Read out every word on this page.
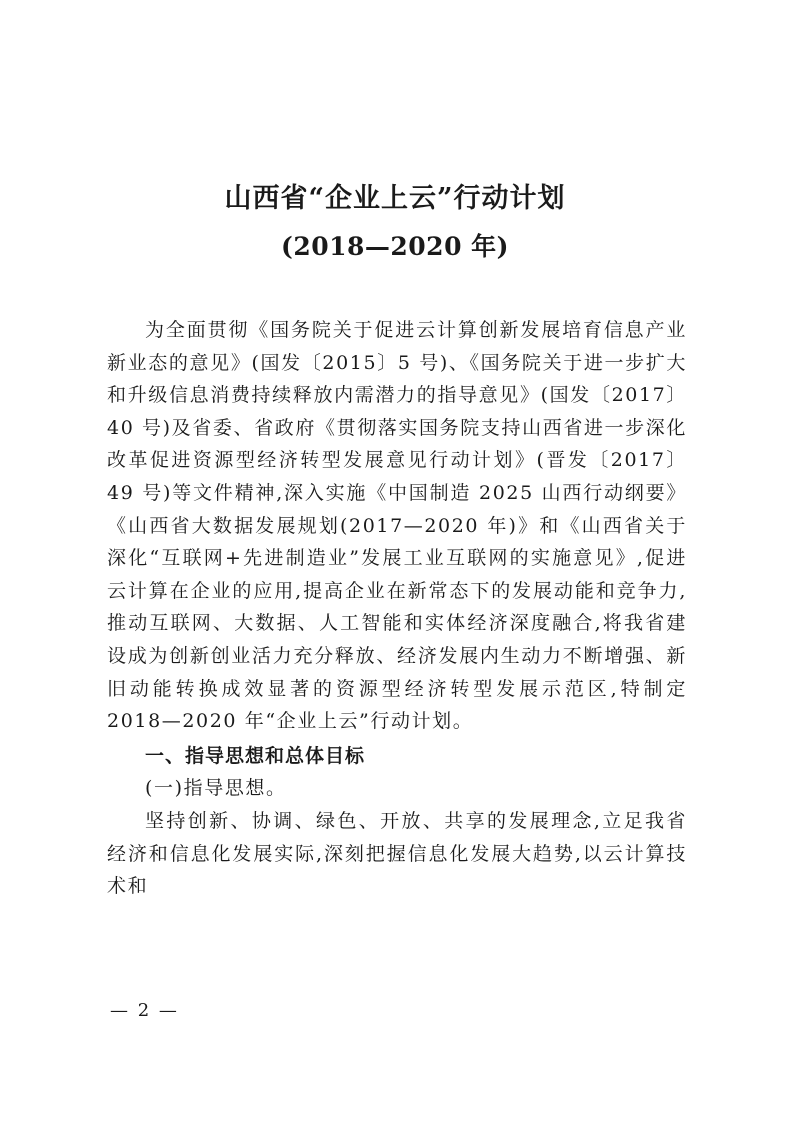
山西省“企业上云”行动计划
(2018—2020 年)

为全面贯彻《国务院关于促进云计算创新发展培育信息产业新业态的意见》(国发〔2015〕5 号)、《国务院关于进一步扩大和升级信息消费持续释放内需潜力的指导意见》(国发〔2017〕40 号)及省委、省政府《贯彻落实国务院支持山西省进一步深化改革促进资源型经济转型发展意见行动计划》(晋发〔2017〕49 号)等文件精神,深入实施《中国制造 2025 山西行动纲要》《山西省大数据发展规划(2017—2020 年)》和《山西省关于深化“互联网+先进制造业”发展工业互联网的实施意见》,促进云计算在企业的应用,提高企业在新常态下的发展动能和竞争力,推动互联网、大数据、人工智能和实体经济深度融合,将我省建设成为创新创业活力充分释放、经济发展内生动力不断增强、新旧动能转换成效显著的资源型经济转型发展示范区,特制定 2018—2020 年“企业上云”行动计划。

一、指导思想和总体目标

(一)指导思想。

坚持创新、协调、绿色、开放、共享的发展理念,立足我省经济和信息化发展实际,深刻把握信息化发展大趋势,以云计算技术和

— 2 —
